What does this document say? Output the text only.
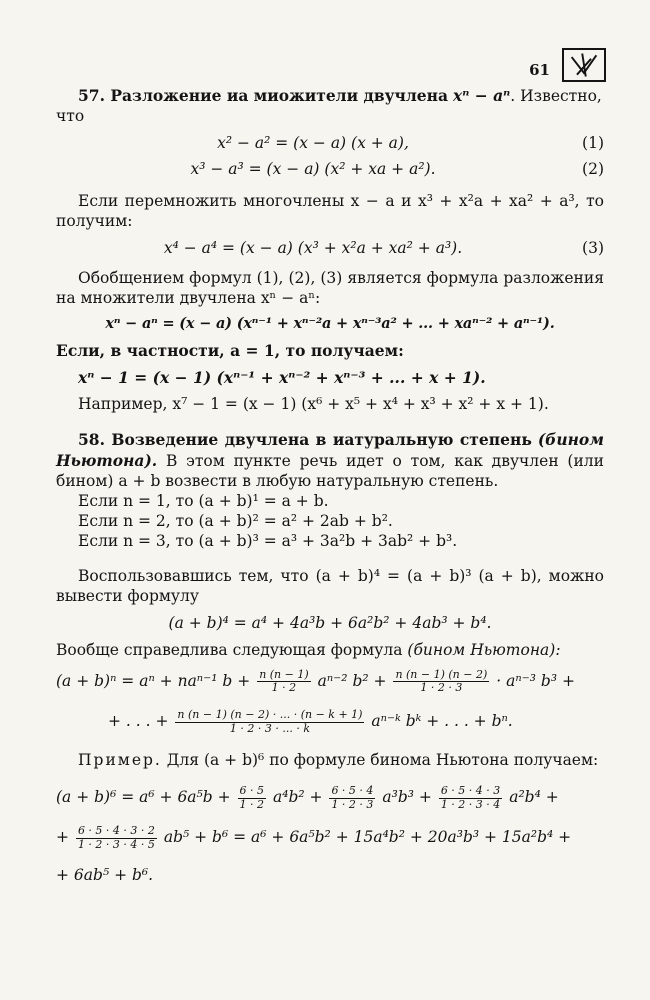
61

57. Разложение иа миожители двучлена xⁿ − aⁿ. Известно,

что

x² − a² = (x − a) (x + a),	(1)
x³ − a³ = (x − a) (x² + xa + a²).	(2)

Если перемножить многочлены x − a и x³ + x²a + xa² + a³, то получим:

x⁴ − a⁴ = (x − a) (x³ + x²a + xa² + a³).	(3)

Обобщением формул (1), (2), (3) является формула разложения на множители двучлена xⁿ − aⁿ:

xⁿ − aⁿ = (x − a) (xⁿ⁻¹ + xⁿ⁻²a + xⁿ⁻³a² + ... + xaⁿ⁻² + aⁿ⁻¹).

Если, в частности, a = 1, то получаем:

xⁿ − 1 = (x − 1) (xⁿ⁻¹ + xⁿ⁻² + xⁿ⁻³ + ... + x + 1).

Например, x⁷ − 1 = (x − 1) (x⁶ + x⁵ + x⁴ + x³ + x² + x + 1).

58. Возведение двучлена в иатуральную степень (бином Ньютона). В этом пункте речь идет о том, как двучлен (или бином) a + b возвести в любую натуральную степень.

Если n = 1, то (a + b)¹ = a + b.

Если n = 2, то (a + b)² = a² + 2ab + b².

Если n = 3, то (a + b)³ = a³ + 3a²b + 3ab² + b³.

Воспользовавшись тем, что (a + b)⁴ = (a + b)³ (a + b), можно вывести формулу

(a + b)⁴ = a⁴ + 4a³b + 6a²b² + 4ab³ + b⁴.

Вообще справедлива следующая формула (бином Ньютона):

(a + b)ⁿ = aⁿ + naⁿ⁻¹ $b + \frac{n (n - 1)}{1 \cdot 2} a^{n-2}$ $b^2 + \frac{n (n - 1) (n - 2)}{1 \cdot 2 \cdot 3} \cdot a^{n-3}$ b³ +
+ . . . + $\frac{n (n - 1) (n - 2) \cdot ... \cdot (n - k + 1)}{1 \cdot 2 \cdot 3 \cdot ... \cdot k}$ aⁿ⁻ᵏ bᵏ + . . . + bⁿ.

Пример. Для (a + b)⁶ по формуле бинома Ньютона получаем:

$(a + b)^6 = a^6 + 6a^5b + \frac{6 \cdot 5}{1 \cdot 2} a^4b^2 + \frac{6 \cdot 5 \cdot 4}{1 \cdot 2 \cdot 3} a^3b^3 + \frac{6 \cdot 5 \cdot 4 \cdot 3}{1 \cdot 2 \cdot 3 \cdot 4} a^2b^4$ +
+ $\frac{6 \cdot 5 \cdot 4 \cdot 3 \cdot 2}{1 \cdot 2 \cdot 3 \cdot 4 \cdot 5} ab^5 + b^6 = a^6 + 6a^5b^2 + 15a^4b^2 + 20a^3b^3 + 15a^2b^4$ +
+ 6ab⁵ + b⁶.
